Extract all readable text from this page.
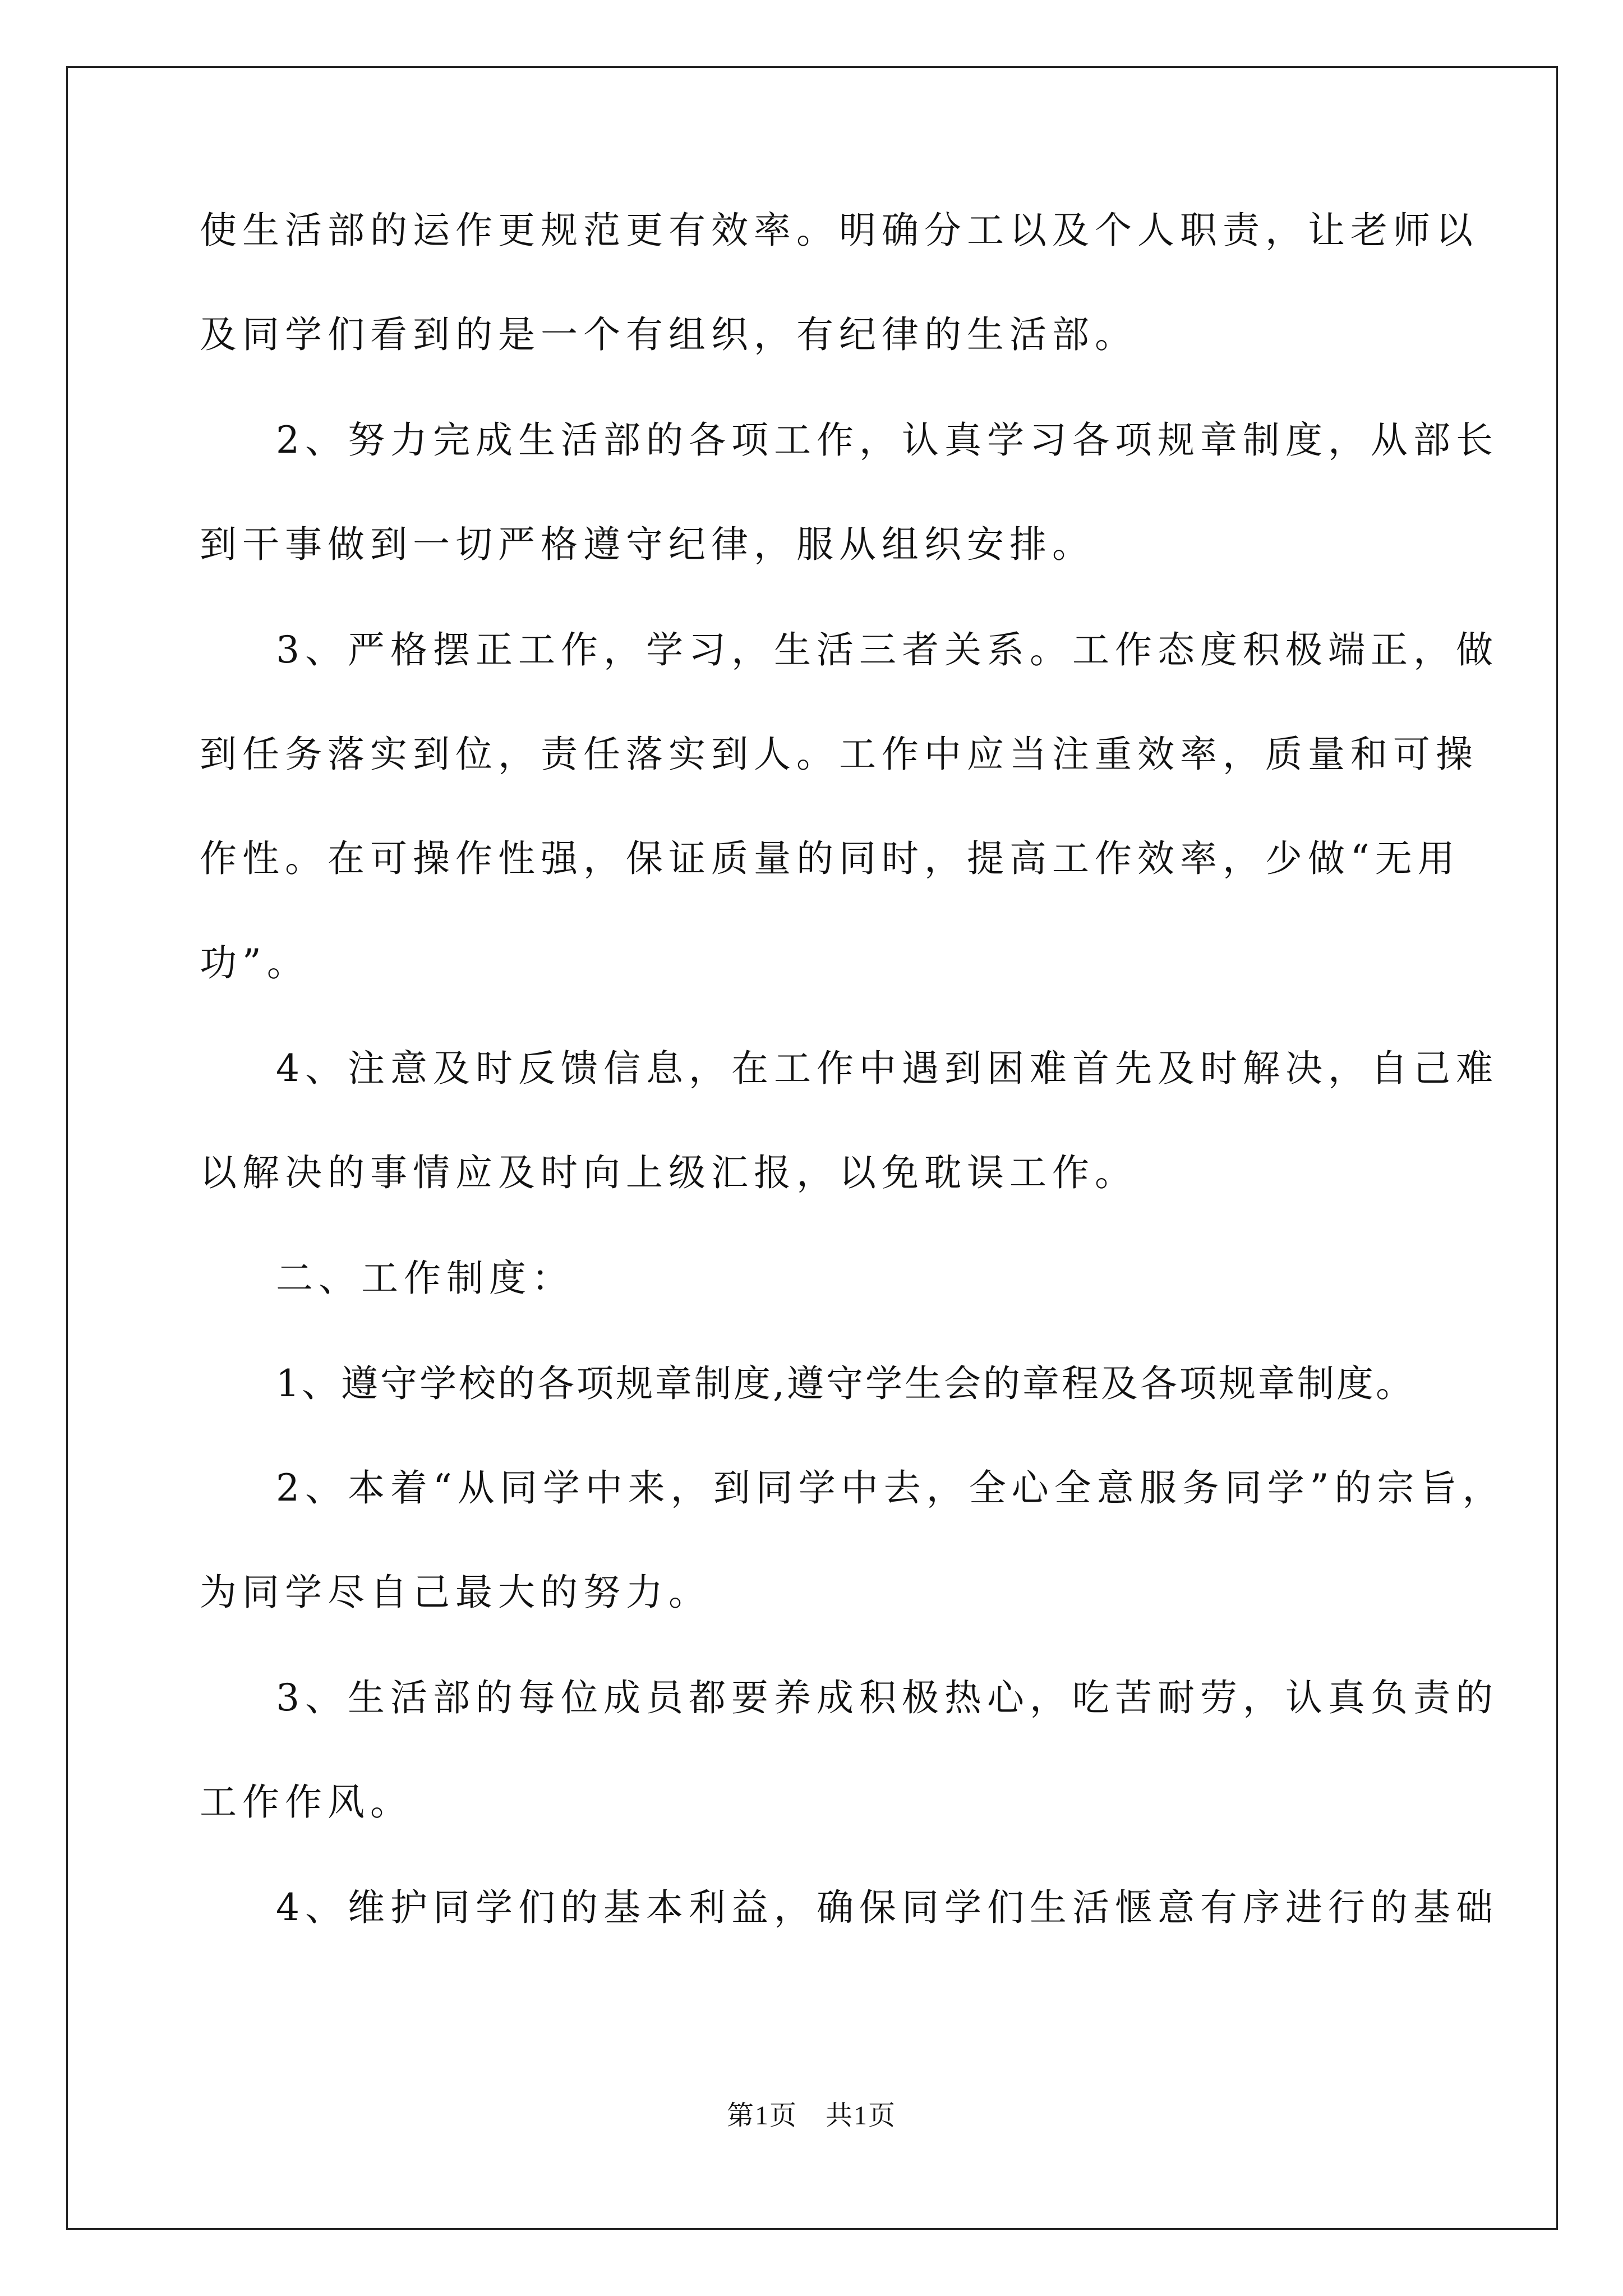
使生活部的运作更规范更有效率。明确分工以及个人职责，让老师以
及同学们看到的是一个有组织，有纪律的生活部。
2、努力完成生活部的各项工作，认真学习各项规章制度，从部长
到干事做到一切严格遵守纪律，服从组织安排。
3、严格摆正工作，学习，生活三者关系。工作态度积极端正，做
到任务落实到位，责任落实到人。工作中应当注重效率，质量和可操
作性。在可操作性强，保证质量的同时，提高工作效率，少做“无用
功”。
4、注意及时反馈信息，在工作中遇到困难首先及时解决，自己难
以解决的事情应及时向上级汇报，以免耽误工作。
二、工作制度：
1、遵守学校的各项规章制度,遵守学生会的章程及各项规章制度。
2、本着“从同学中来，到同学中去，全心全意服务同学”的宗旨，
为同学尽自己最大的努力。
3、生活部的每位成员都要养成积极热心，吃苦耐劳，认真负责的
工作作风。
4、维护同学们的基本利益，确保同学们生活惬意有序进行的基础
第1页　共1页
